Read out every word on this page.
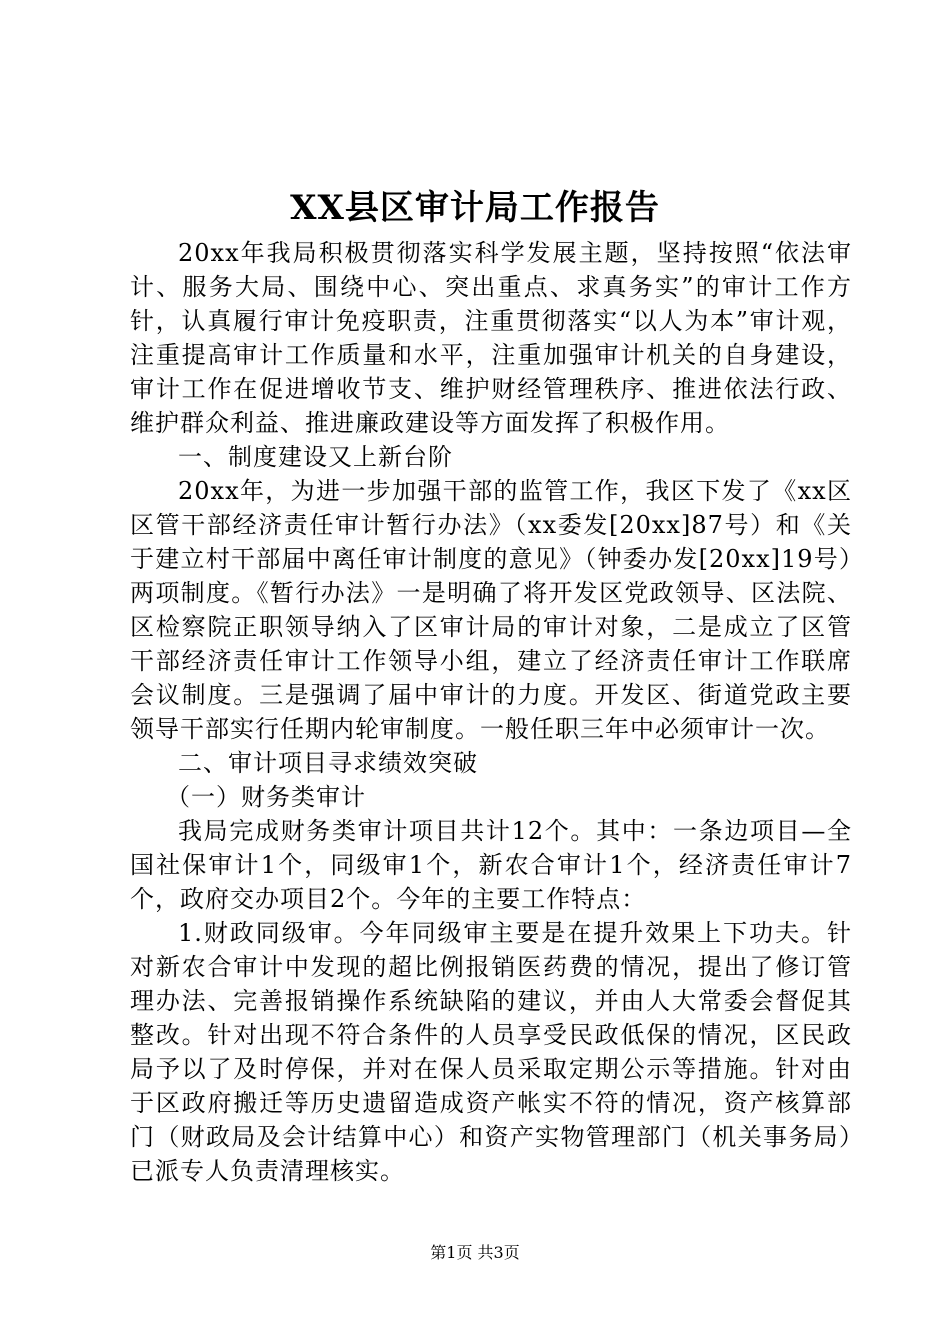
XX县区审计局工作报告

20xx年我局积极贯彻落实科学发展主题，坚持按照“依法审计、服务大局、围绕中心、突出重点、求真务实”的审计工作方针，认真履行审计免疫职责，注重贯彻落实“以人为本”审计观，注重提高审计工作质量和水平，注重加强审计机关的自身建设，审计工作在促进增收节支、维护财经管理秩序、推进依法行政、维护群众利益、推进廉政建设等方面发挥了积极作用。

一、制度建设又上新台阶

20xx年，为进一步加强干部的监管工作，我区下发了《xx区区管干部经济责任审计暂行办法》（xx委发[20xx]87号）和《关于建立村干部届中离任审计制度的意见》（钟委办发[20xx]19号）两项制度。《暂行办法》一是明确了将开发区党政领导、区法院、区检察院正职领导纳入了区审计局的审计对象，二是成立了区管干部经济责任审计工作领导小组，建立了经济责任审计工作联席会议制度。三是强调了届中审计的力度。开发区、街道党政主要领导干部实行任期内轮审制度。一般任职三年中必须审计一次。

二、审计项目寻求绩效突破

（一）财务类审计

我局完成财务类审计项目共计12个。其中：一条边项目—全国社保审计1个，同级审1个，新农合审计1个，经济责任审计7个，政府交办项目2个。今年的主要工作特点：

1.财政同级审。今年同级审主要是在提升效果上下功夫。针对新农合审计中发现的超比例报销医药费的情况，提出了修订管理办法、完善报销操作系统缺陷的建议，并由人大常委会督促其整改。针对出现不符合条件的人员享受民政低保的情况，区民政局予以了及时停保，并对在保人员采取定期公示等措施。针对由于区政府搬迁等历史遗留造成资产帐实不符的情况，资产核算部门（财政局及会计结算中心）和资产实物管理部门（机关事务局）已派专人负责清理核实。

第1页 共3页
